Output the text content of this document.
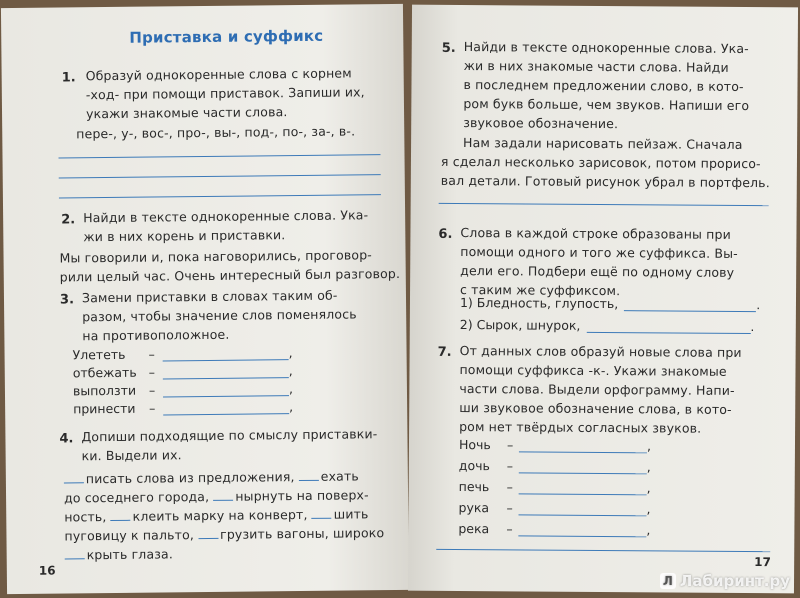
Приставка и суффикс
1. Образуй однокоренные слова с корнем

-ход- при помощи приставок. Запиши их,

укажи знакомые части слова.

пере-, у-, вос-, про-, вы-, под-, по-, за-, в-.
2. Найди в тексте однокоренные слова. Ука-

жи в них корень и приставки.

Мы говорили и, пока наговорились, проговоp-

рили целый час. Очень интересный был разговор.

3. Замени приставки в словах таким об-

разом, чтобы значение слов поменялось

на противоположное.

Улететь	–	,
отбежать –	,
выползти	–	,
принести	–	,
4. Допиши подходящие по смыслу приставки-

ки. Выдели их.

писать слова из предложения, ехать

до соседнего города, нырнуть на поверх-

ность, клеить марку на конверт, шить

пуговицу к пальто, грузить вагоны, широко

крыть глаза.

16
5. Найди в тексте однокоренные слова. Ука-

жи в них знакомые части слова. Найди

в последнем предложении слово, в кото-

ром букв больше, чем звуков. Напиши его

звуковое обозначение.

Нам задали нарисовать пейзаж. Сначала

я сделал несколько зарисовок, потом прорисо-

вал детали. Готовый рисунок убрал в портфель.

6. Слова в каждой строке образованы при

помощи одного и того же суффикса. Вы-

дели его. Подбери ещё по одному слову

с таким же суффиксом.

1) Бледность, глупость,	.
2) Сырок, шнурок,	.
7. От данных слов образуй новые слова при

помощи суффикса -к-. Укажи знакомые

части слова. Выдели орфограмму. Напи-

ши звуковое обозначение слова, в кото-

ром нет твёрдых согласных звуков.

Ночь	–	,
дочь	–	,
печь	–	,
рука	–	,
река	–	,
17
Л Лабиринт.ру
